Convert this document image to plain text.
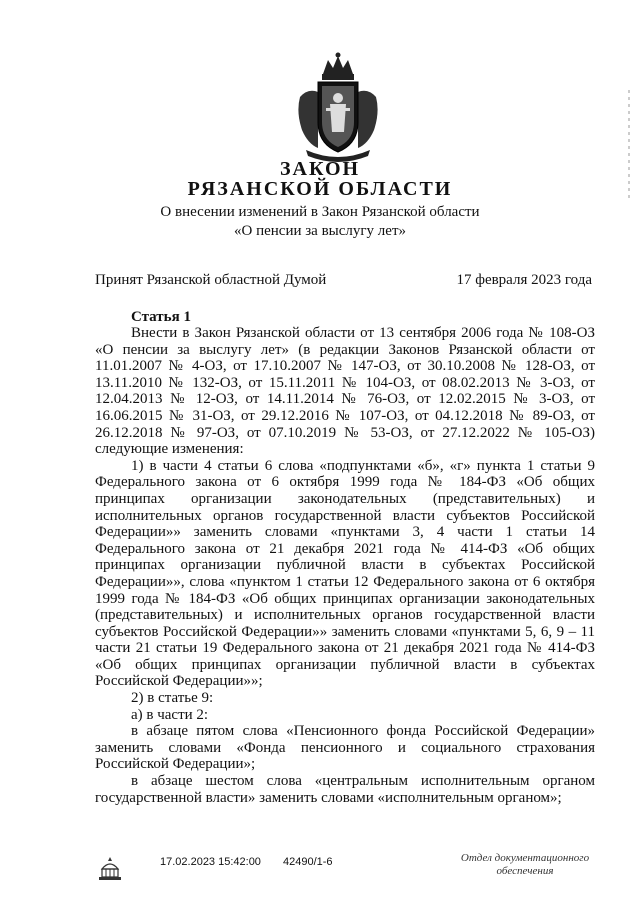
ЗАКОН
РЯЗАНСКОЙ ОБЛАСТИ
О внесении изменений в Закон Рязанской области
«О пенсии за выслугу лет»
Принят Рязанской областной Думой	17 февраля 2023 года
Статья 1

Внести в Закон Рязанской области от 13 сентября 2006 года № 108-ОЗ

«О пенсии за выслугу лет» (в редакции Законов Рязанской области от

11.01.2007 № 4-ОЗ, от 17.10.2007 № 147-ОЗ, от 30.10.2008 № 128-ОЗ, от

13.11.2010 № 132-ОЗ, от 15.11.2011 № 104-ОЗ, от 08.02.2013 № 3-ОЗ, от

12.04.2013 № 12-ОЗ, от 14.11.2014 № 76-ОЗ, от 12.02.2015 № 3-ОЗ, от

16.06.2015 № 31-ОЗ, от 29.12.2016 № 107-ОЗ, от 04.12.2018 № 89-ОЗ, от

26.12.2018 № 97-ОЗ, от 07.10.2019 № 53-ОЗ, от 27.12.2022 № 105-ОЗ)

следующие изменения:

1) в части 4 статьи 6 слова «подпунктами «б», «г» пункта 1 статьи 9

Федерального закона от 6 октября 1999 года № 184-ФЗ «Об общих

принципах организации законодательных (представительных) и

исполнительных органов государственной власти субъектов Российской

Федерации»» заменить словами «пунктами 3, 4 части 1 статьи 14

Федерального закона от 21 декабря 2021 года № 414-ФЗ «Об общих

принципах организации публичной власти в субъектах Российской

Федерации»», слова «пунктом 1 статьи 12 Федерального закона от 6 октября

1999 года № 184-ФЗ «Об общих принципах организации законодательных

(представительных) и исполнительных органов государственной власти

субъектов Российской Федерации»» заменить словами «пунктами 5, 6, 9 – 11

части 21 статьи 19 Федерального закона от 21 декабря 2021 года № 414-ФЗ

«Об общих принципах организации публичной власти в субъектах

Российской Федерации»»;

2) в статье 9:

а) в части 2:

в абзаце пятом слова «Пенсионного фонда Российской Федерации»

заменить словами «Фонда пенсионного и социального страхования

Российской Федерации»;

в абзаце шестом слова «центральным исполнительным органом

государственной власти» заменить словами «исполнительным органом»;

17.02.2023 15:42:00 42490/1-6	Отдел документационного
обеспечения
